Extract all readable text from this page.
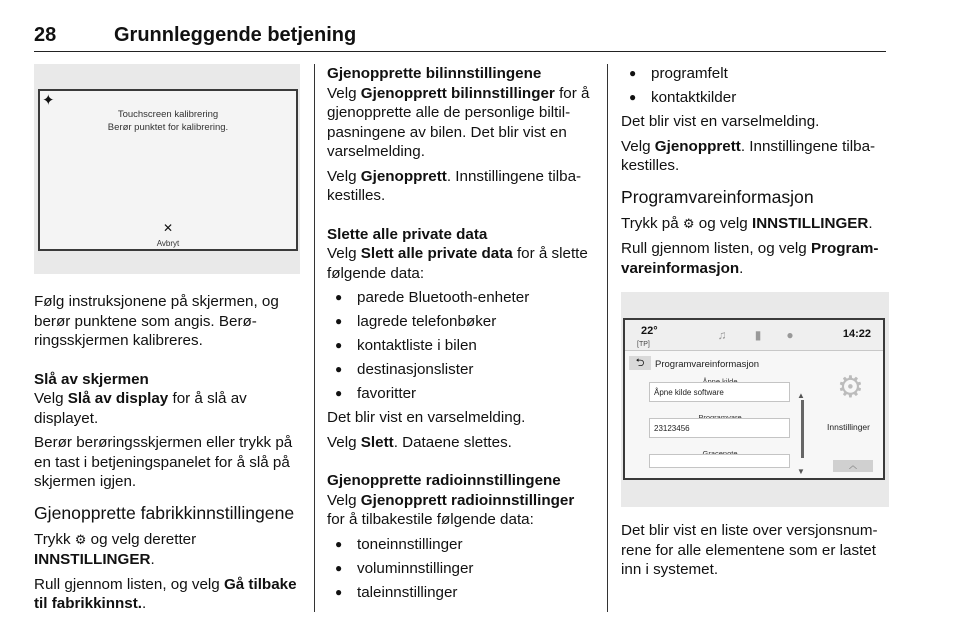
28	Grunnleggende betjening
✦
Touchscreen kalibrering
Berør punktet for kalibrering.
✕
Avbryt

Følg instruksjonene på skjermen, og berør punktene som angis. Berø-ringsskjermen kalibreres.

Slå av skjermen

Velg Slå av display for å slå av displayet.

Berør berøringsskjermen eller trykk på en tast i betjeningspanelet for å slå på skjermen igjen.

Gjenopprette fabrikkinnstillingene

Trykk ⚙ og velg deretter INNSTILLINGER.

Rull gjennom listen, og velg Gå tilbake til fabrikkinnst..

Gjenopprette bilinnstillingene

Velg Gjenopprett bilinnstillinger for å gjenopprette alle de personlige biltil-pasningene av bilen. Det blir vist en varselmelding.

Velg Gjenopprett. Innstillingene tilba-kestilles.

Slette alle private data

Velg Slett alle private data for å slette følgende data:

● parede Bluetooth-enheter
● lagrede telefonbøker
● kontaktliste i bilen
● destinasjonslister
● favoritter

Det blir vist en varselmelding.

Velg Slett. Dataene slettes.

Gjenopprette radioinnstillingene

Velg Gjenopprett radioinnstillinger for å tilbakestile følgende data:

● toneinnstillinger
● voluminnstillinger
● taleinnstillinger
● programfelt
● kontaktkilder

Det blir vist en varselmelding.

Velg Gjenopprett. Innstillingene tilba-kestilles.

Programvareinformasjon

Trykk på ⚙ og velg INNSTILLINGER.

Rull gjennom listen, og velg Program-vareinformasjon.

22°
[TP]
♫	▮	●	14:22
⮌	Programvareinformasjon
Åpne kilde software
23123456
▲
▼
⚙
Innstillinger
︿

Det blir vist en liste over versjonsnum-rene for alle elementene som er lastet inn i systemet.
